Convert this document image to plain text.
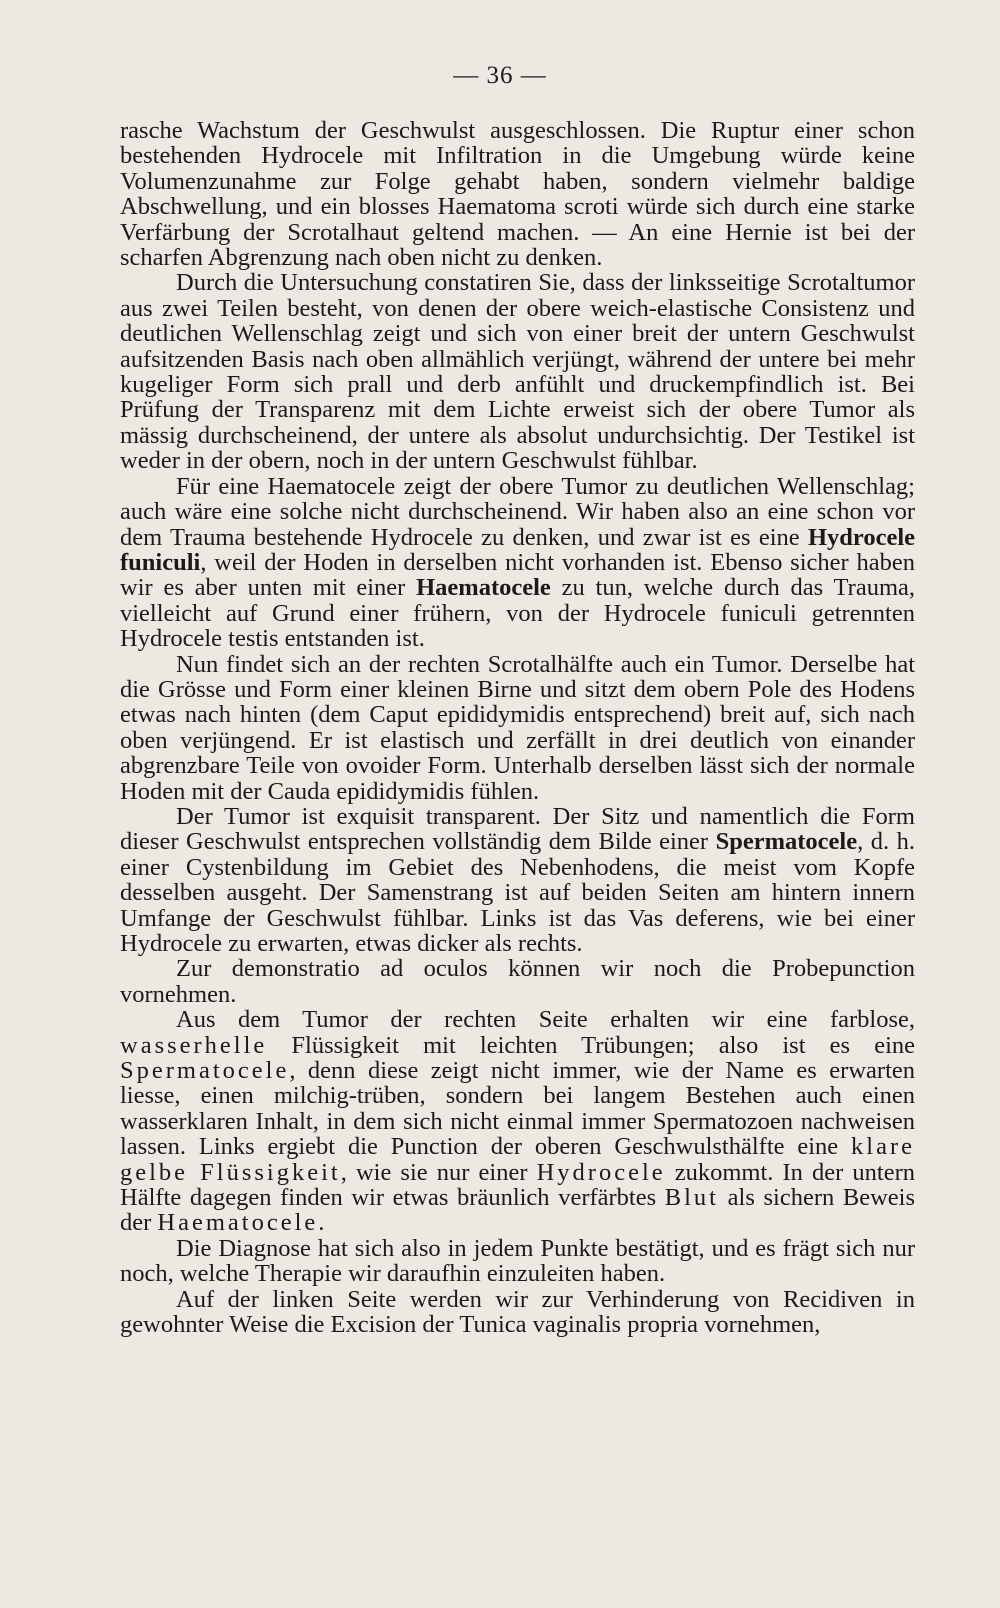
— 36 —

rasche Wachstum der Geschwulst ausgeschlossen. Die Ruptur einer schon bestehenden Hydrocele mit Infiltration in die Umgebung würde keine Volumenzunahme zur Folge gehabt haben, sondern vielmehr baldige Abschwellung, und ein blosses Haematoma scroti würde sich durch eine starke Verfärbung der Scrotalhaut geltend machen. — An eine Hernie ist bei der scharfen Abgrenzung nach oben nicht zu denken.

Durch die Untersuchung constatiren Sie, dass der linksseitige Scrotaltumor aus zwei Teilen besteht, von denen der obere weich-elastische Consistenz und deutlichen Wellenschlag zeigt und sich von einer breit der untern Geschwulst aufsitzenden Basis nach oben allmählich verjüngt, während der untere bei mehr kugeliger Form sich prall und derb anfühlt und druckempfindlich ist. Bei Prüfung der Transparenz mit dem Lichte erweist sich der obere Tumor als mässig durchscheinend, der untere als absolut undurchsichtig. Der Testikel ist weder in der obern, noch in der untern Geschwulst fühlbar.

Für eine Haematocele zeigt der obere Tumor zu deutlichen Wellenschlag; auch wäre eine solche nicht durchscheinend. Wir haben also an eine schon vor dem Trauma bestehende Hydrocele zu denken, und zwar ist es eine Hydrocele funiculi, weil der Hoden in derselben nicht vorhanden ist. Ebenso sicher haben wir es aber unten mit einer Haematocele zu tun, welche durch das Trauma, vielleicht auf Grund einer frühern, von der Hydrocele funiculi getrennten Hydrocele testis entstanden ist.

Nun findet sich an der rechten Scrotalhälfte auch ein Tumor. Derselbe hat die Grösse und Form einer kleinen Birne und sitzt dem obern Pole des Hodens etwas nach hinten (dem Caput epididymidis entsprechend) breit auf, sich nach oben verjüngend. Er ist elastisch und zerfällt in drei deutlich von einander abgrenzbare Teile von ovoider Form. Unterhalb derselben lässt sich der normale Hoden mit der Cauda epididymidis fühlen.

Der Tumor ist exquisit transparent. Der Sitz und namentlich die Form dieser Geschwulst entsprechen vollständig dem Bilde einer Spermatocele, d. h. einer Cystenbildung im Gebiet des Nebenhodens, die meist vom Kopfe desselben ausgeht. Der Samenstrang ist auf beiden Seiten am hintern innern Umfange der Geschwulst fühlbar. Links ist das Vas deferens, wie bei einer Hydrocele zu erwarten, etwas dicker als rechts.

Zur demonstratio ad oculos können wir noch die Probepunction vornehmen.

Aus dem Tumor der rechten Seite erhalten wir eine farblose, wasserhelle Flüssigkeit mit leichten Trübungen; also ist es eine Spermatocele, denn diese zeigt nicht immer, wie der Name es erwarten liesse, einen milchig-trüben, sondern bei langem Bestehen auch einen wasserklaren Inhalt, in dem sich nicht einmal immer Spermatozoen nachweisen lassen. Links ergiebt die Punction der oberen Geschwulsthälfte eine klare gelbe Flüssigkeit, wie sie nur einer Hydrocele zukommt. In der untern Hälfte dagegen finden wir etwas bräunlich verfärbtes Blut als sichern Beweis der Haematocele.

Die Diagnose hat sich also in jedem Punkte bestätigt, und es frägt sich nur noch, welche Therapie wir daraufhin einzuleiten haben.

Auf der linken Seite werden wir zur Verhinderung von Recidiven in gewohnter Weise die Excision der Tunica vaginalis propria vornehmen,
